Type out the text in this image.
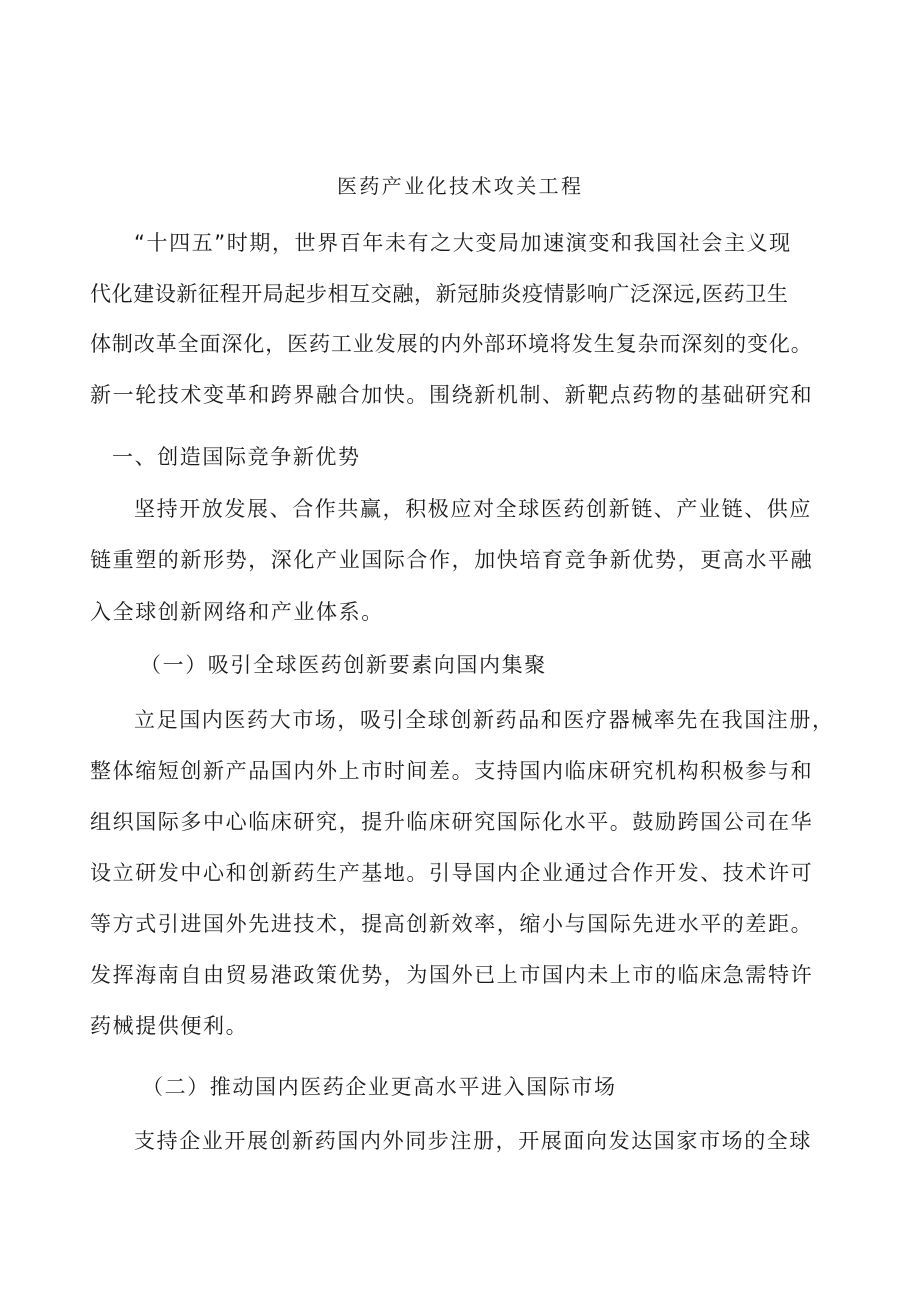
医药产业化技术攻关工程
“十四五”时期，世界百年未有之大变局加速演变和我国社会主义现
代化建设新征程开局起步相互交融，新冠肺炎疫情影响广泛深远,医药卫生
体制改革全面深化，医药工业发展的内外部环境将发生复杂而深刻的变化。
新一轮技术变革和跨界融合加快。围绕新机制、新靶点药物的基础研究和
一、创造国际竞争新优势
坚持开放发展、合作共赢，积极应对全球医药创新链、产业链、供应
链重塑的新形势，深化产业国际合作，加快培育竞争新优势，更高水平融
入全球创新网络和产业体系。
（一）吸引全球医药创新要素向国内集聚
立足国内医药大市场，吸引全球创新药品和医疗器械率先在我国注册，
整体缩短创新产品国内外上市时间差。支持国内临床研究机构积极参与和
组织国际多中心临床研究，提升临床研究国际化水平。鼓励跨国公司在华
设立研发中心和创新药生产基地。引导国内企业通过合作开发、技术许可
等方式引进国外先进技术，提高创新效率，缩小与国际先进水平的差距。
发挥海南自由贸易港政策优势，为国外已上市国内未上市的临床急需特许
药械提供便利。
（二）推动国内医药企业更高水平进入国际市场
支持企业开展创新药国内外同步注册，开展面向发达国家市场的全球
